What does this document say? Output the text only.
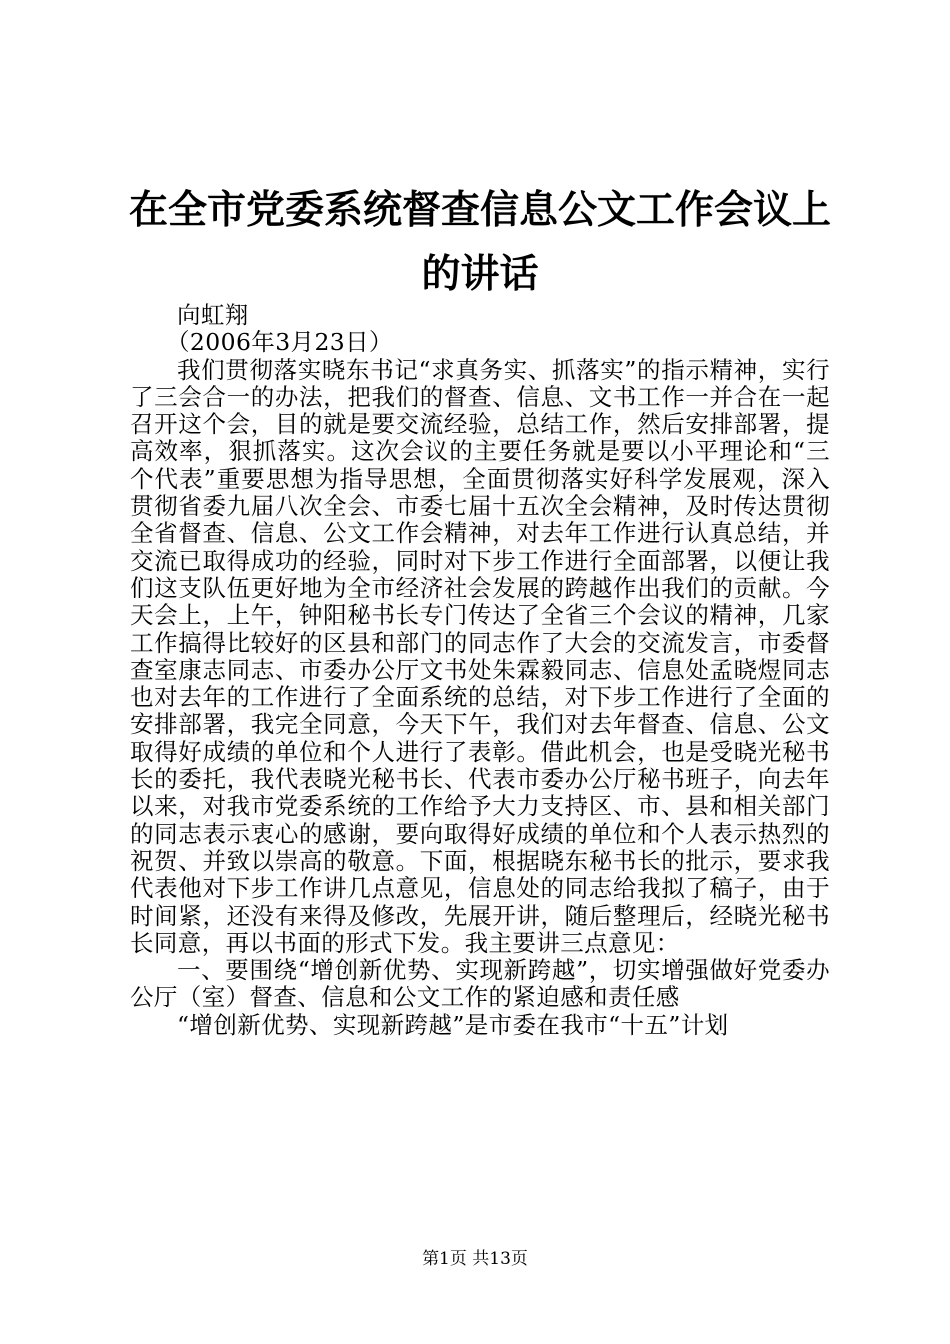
在全市党委系统督查信息公文工作会议上的讲话

向虹翔

（2006年3月23日）

我们贯彻落实晓东书记“求真务实、抓落实”的指示精神，实行了三会合一的办法，把我们的督查、信息、文书工作一并合在一起召开这个会，目的就是要交流经验，总结工作，然后安排部署，提高效率，狠抓落实。这次会议的主要任务就是要以小平理论和“三个代表”重要思想为指导思想，全面贯彻落实好科学发展观，深入贯彻省委九届八次全会、市委七届十五次全会精神，及时传达贯彻全省督查、信息、公文工作会精神，对去年工作进行认真总结，并交流已取得成功的经验，同时对下步工作进行全面部署，以便让我们这支队伍更好地为全市经济社会发展的跨越作出我们的贡献。今天会上，上午，钟阳秘书长专门传达了全省三个会议的精神，几家工作搞得比较好的区县和部门的同志作了大会的交流发言，市委督查室康志同志、市委办公厅文书处朱霖毅同志、信息处孟晓煜同志也对去年的工作进行了全面系统的总结，对下步工作进行了全面的安排部署，我完全同意，今天下午，我们对去年督查、信息、公文取得好成绩的单位和个人进行了表彰。借此机会，也是受晓光秘书长的委托，我代表晓光秘书长、代表市委办公厅秘书班子，向去年以来，对我市党委系统的工作给予大力支持区、市、县和相关部门的同志表示衷心的感谢，要向取得好成绩的单位和个人表示热烈的祝贺、并致以崇高的敬意。下面，根据晓东秘书长的批示，要求我代表他对下步工作讲几点意见，信息处的同志给我拟了稿子，由于时间紧，还没有来得及修改，先展开讲，随后整理后，经晓光秘书长同意，再以书面的形式下发。我主要讲三点意见：

一、要围绕“增创新优势、实现新跨越”，切实增强做好党委办公厅（室）督查、信息和公文工作的紧迫感和责任感

“增创新优势、实现新跨越”是市委在我市“十五”计划

第1页 共13页
